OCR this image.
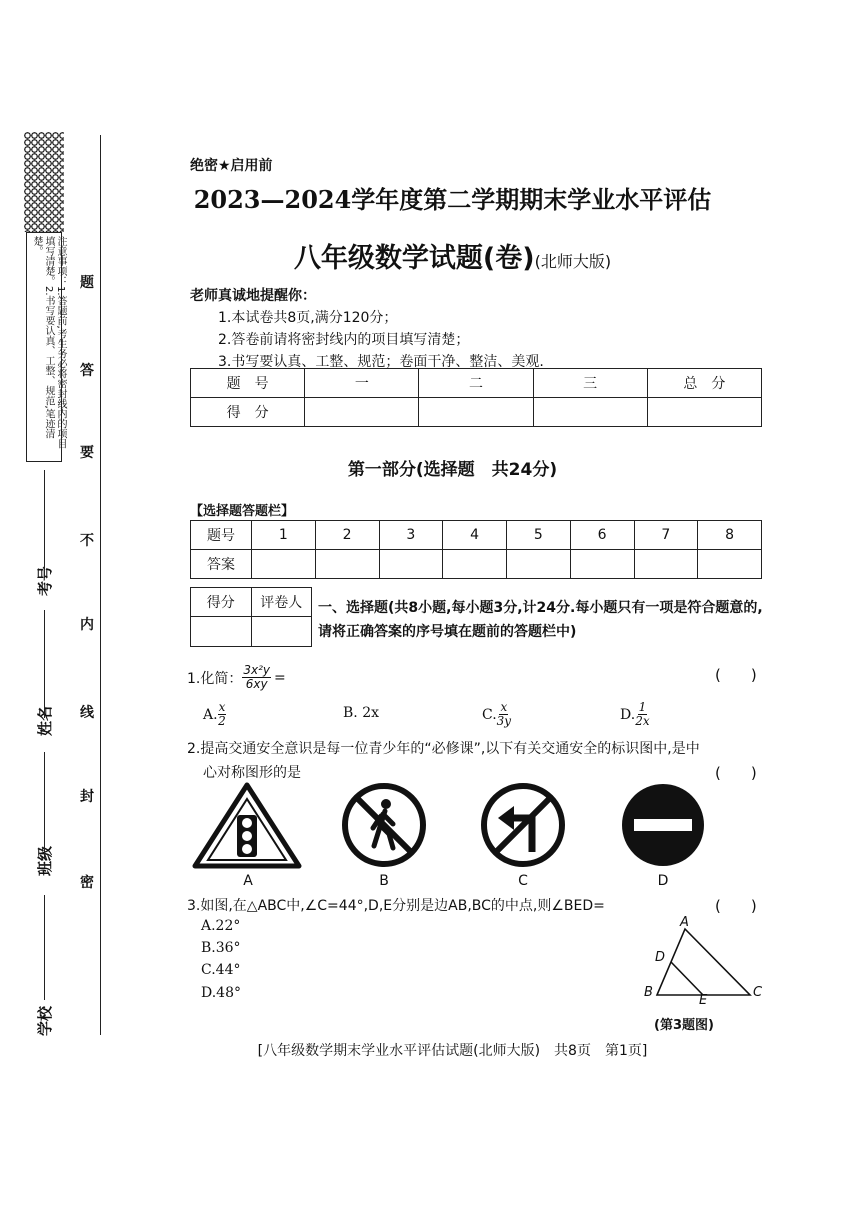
注意事项：1.答题前,考生务必将密封线内的项目填写清楚。2.书写要认真、工整、规范,笔迹清楚。
题
答
要
不
内
线
封
密
考号
姓名
班级
学校
绝密★启用前
2023—2024学年度第二学期期末学业水平评估
八年级数学试题(卷)(北师大版)
老师真诚地提醒你：
1.本试卷共8页,满分120分；
2.答卷前请将密封线内的项目填写清楚；
3.书写要认真、工整、规范；卷面干净、整洁、美观.
题　号	一	二	三	总　分
得　分				
第一部分(选择题　共24分)
【选择题答题栏】
题号	1	2	3	4	5	6	7	8
答案								
得分	评卷人
	一、选择题(共8小题,每小题3分,计24分.每小题只有一项是符合题意的,请将正确答案的序号填在题前的答题栏中)
1.化简： $\frac{\text{3x²y}}{6xy}$ =	(　　)
A. $\frac{x}{2}$	B. 2x	C. $\frac{x}{3y}$	D. $\frac{1}{2x}$
2.提高交通安全意识是每一位青少年的“必修课”,以下有关交通安全的标识图中,是中
心对称图形的是	(　　)
A	B	C	D
3.如图,在△ABC中,∠C=44°,D,E分别是边AB,BC的中点,则∠BED=	(　　)
A.22°
B.36°
C.44°
D.48°
A
B	C
D
E
(第3题图)
[八年级数学期末学业水平评估试题(北师大版)　共8页　第1页]
